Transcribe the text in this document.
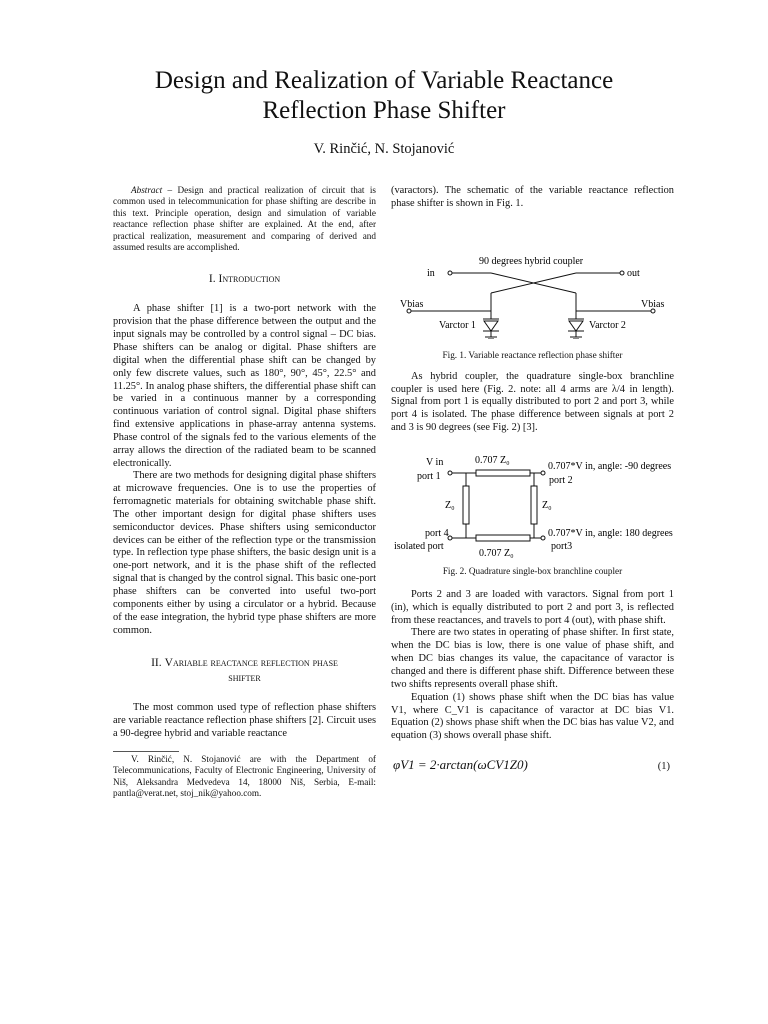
Design and Realization of Variable Reactance
Reflection Phase Shifter
V. Rinčić, N. Stojanović

Abstract – Design and practical realization of circuit that is common used in telecommunication for phase shifting are describe in this text. Principle operation, design and simulation of variable reactance reflection phase shifter are explained. At the end, after practical realization, measurement and comparing of derived and assumed results are accomplished.

I. Introduction

A phase shifter [1] is a two-port network with the provision that the phase difference between the output and the input signals may be controlled by a control signal – DC bias. Phase shifters can be analog or digital. Phase shifters are digital when the differential phase shift can be changed by only few discrete values, such as 180°, 90°, 45°, 22.5° and 11.25°. In analog phase shifters, the differential phase shift can be varied in a continuous manner by a corresponding continuous variation of control signal. Digital phase shifters find extensive applications in phase-array antenna systems. Phase control of the signals fed to the various elements of the array allows the direction of the radiated beam to be scanned electronically.

There are two methods for designing digital phase shifters at microwave frequencies. One is to use the properties of ferromagnetic materials for obtaining switchable phase shift. The other important design for digital phase shifters uses semiconductor devices. Phase shifters using semiconductor devices can be either of the reflection type or the transmission type. In reflection type phase shifters, the basic design unit is a one-port network, and it is the phase shift of the reflected signal that is changed by the control signal. This basic one-port phase shifters can be converted into useful two-port components either by using a circulator or a hybrid. Because of the ease integration, the hybrid type phase shifters are more common.

II. Variable reactance reflection phase
shifter

The most common used type of reflection phase shifters are variable reactance reflection phase shifters [2]. Circuit uses a 90-degree hybrid and variable reactance

V. Rinčić, N. Stojanović are with the Department of Telecommunications, Faculty of Electronic Engineering, University of Niš, Aleksandra Medvedeva 14, 18000 Niš, Serbia, E-mail: pantla@verat.net, stoj_nik@yahoo.com.

(varactors). The schematic of the variable reactance reflection phase shifter is shown in Fig. 1.

90 degrees hybrid coupler
in	out
Vbias	Vbias
Varctor 1	Varctor 2
Fig. 1. Variable reactance reflection phase shifter

As hybrid coupler, the quadrature single-box branchline coupler is used here (Fig. 2. note: all 4 arms are λ/4 in length). Signal from port 1 is equally distributed to port 2 and port 3, while port 4 is isolated. The phase difference between signals at port 2 and 3 is 90 degrees (see Fig. 2) [3].

V in
port 1
0.707 Z₀
0.707*V in, angle: -90 degrees
port 2
Z₀	Z₀
port 4
isolated port
0.707*V in, angle: 180 degrees
port3
0.707 Z₀
Fig. 2. Quadrature single-box branchline coupler

Ports 2 and 3 are loaded with varactors. Signal from port 1 (in), which is equally distributed to port 2 and port 3, is reflected from these reactances, and travels to port 4 (out), with phase shift.

There are two states in operating of phase shifter. In first state, when the DC bias is low, there is one value of phase shift, and when DC bias changes its value, the capacitance of varactor is changed and there is different phase shift. Difference between these two shifts represents overall phase shift.

Equation (1) shows phase shift when the DC bias has value V1, where C_V1 is capacitance of varactor at DC bias V1. Equation (2) shows phase shift when the DC bias has value V2, and equation (3) shows overall phase shift.

φV1 = 2·arctan(ωCV1Z0)	(1)
